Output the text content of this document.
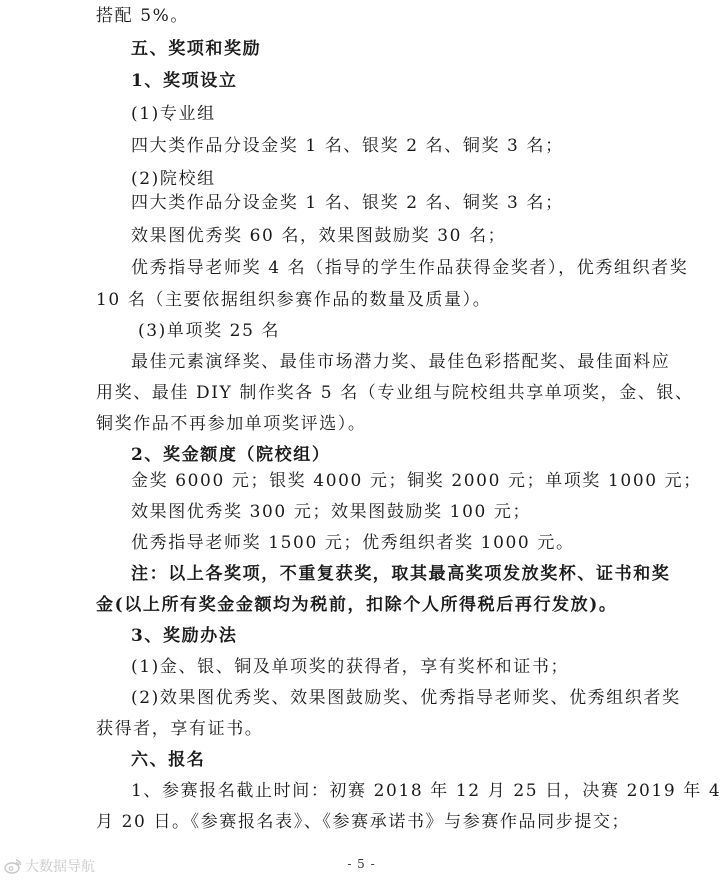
搭配 5%。
五、奖项和奖励
1、奖项设立
(1)专业组
四大类作品分设金奖 1 名、银奖 2 名、铜奖 3 名；
(2)院校组
四大类作品分设金奖 1 名、银奖 2 名、铜奖 3 名；
效果图优秀奖 60 名，效果图鼓励奖 30 名；
优秀指导老师奖 4 名（指导的学生作品获得金奖者），优秀组织者奖
10 名（主要依据组织参赛作品的数量及质量）。
(3)单项奖 25 名
最佳元素演绎奖、最佳市场潜力奖、最佳色彩搭配奖、最佳面料应
用奖、最佳 DIY 制作奖各 5 名（专业组与院校组共享单项奖，金、银、
铜奖作品不再参加单项奖评选）。
2、奖金额度（院校组）
金奖 6000 元；银奖 4000 元；铜奖 2000 元；单项奖 1000 元；
效果图优秀奖 300 元；效果图鼓励奖 100 元；
优秀指导老师奖 1500 元；优秀组织者奖 1000 元。
注：以上各奖项，不重复获奖，取其最高奖项发放奖杯、证书和奖
金(以上所有奖金金额均为税前，扣除个人所得税后再行发放)。
3、奖励办法
(1)金、银、铜及单项奖的获得者，享有奖杯和证书；
(2)效果图优秀奖、效果图鼓励奖、优秀指导老师奖、优秀组织者奖
获得者，享有证书。
六、报名
1、参赛报名截止时间：初赛 2018 年 12 月 25 日，决赛 2019 年 4
月 20 日。《参赛报名表》、《参赛承诺书》与参赛作品同步提交；
大数据导航	- 5 -
